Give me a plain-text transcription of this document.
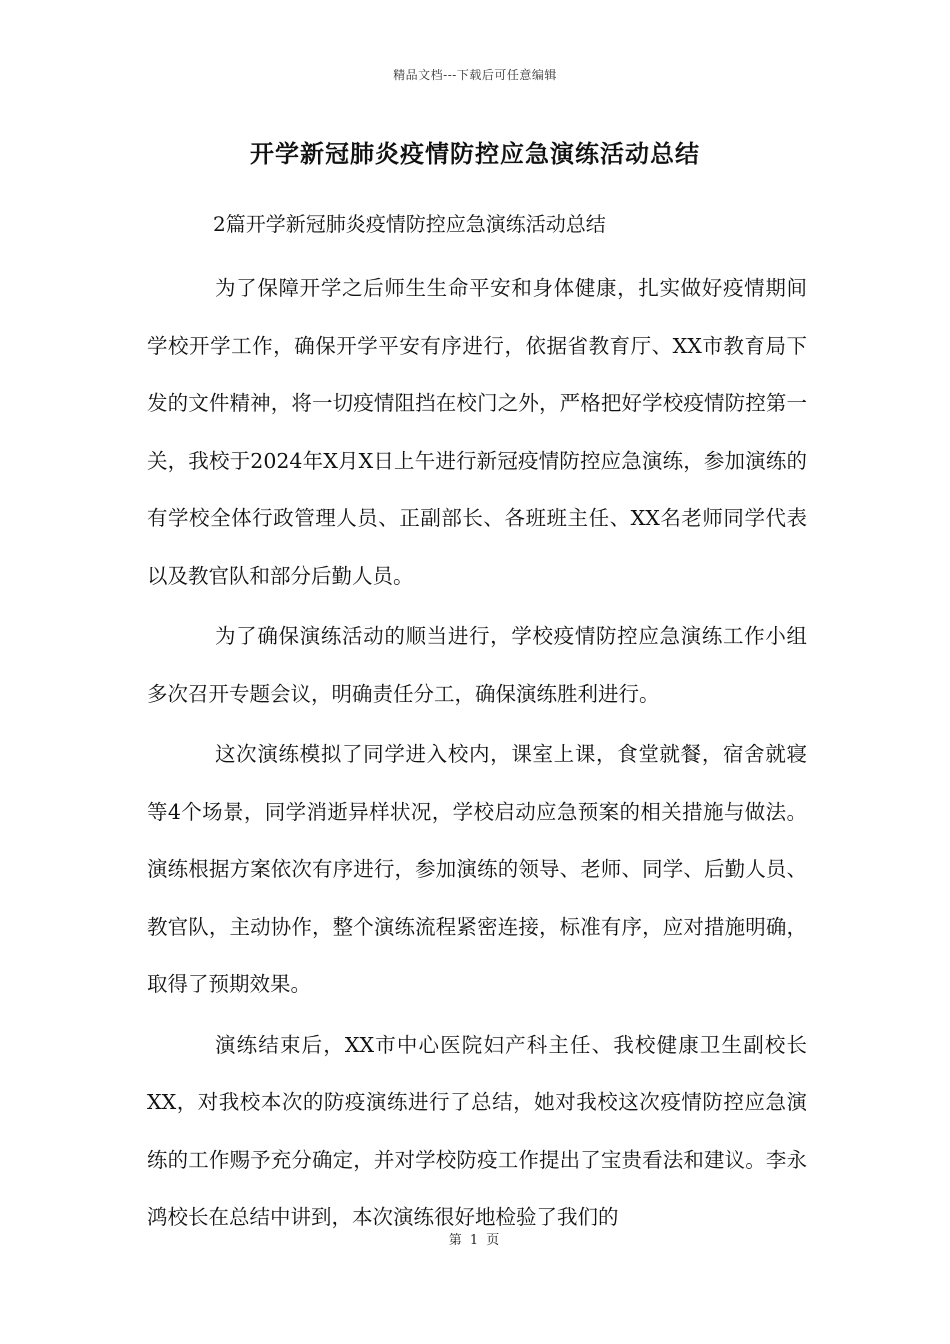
精品文档---下载后可任意编辑
开学新冠肺炎疫情防控应急演练活动总结

2篇开学新冠肺炎疫情防控应急演练活动总结

为了保障开学之后师生生命平安和身体健康，扎实做好疫情期间学校开学工作，确保开学平安有序进行，依据省教育厅、XX市教育局下发的文件精神，将一切疫情阻挡在校门之外，严格把好学校疫情防控第一关，我校于2024年X月X日上午进行新冠疫情防控应急演练，参加演练的有学校全体行政管理人员、正副部长、各班班主任、XX名老师同学代表以及教官队和部分后勤人员。

为了确保演练活动的顺当进行，学校疫情防控应急演练工作小组多次召开专题会议，明确责任分工，确保演练胜利进行。

这次演练模拟了同学进入校内，课室上课，食堂就餐，宿舍就寝等4个场景，同学消逝异样状况，学校启动应急预案的相关措施与做法。演练根据方案依次有序进行，参加演练的领导、老师、同学、后勤人员、教官队，主动协作，整个演练流程紧密连接，标准有序，应对措施明确，取得了预期效果。

演练结束后，XX市中心医院妇产科主任、我校健康卫生副校长XX，对我校本次的防疫演练进行了总结，她对我校这次疫情防控应急演练的工作赐予充分确定，并对学校防疫工作提出了宝贵看法和建议。李永鸿校长在总结中讲到，本次演练很好地检验了我们的

第 1 页
